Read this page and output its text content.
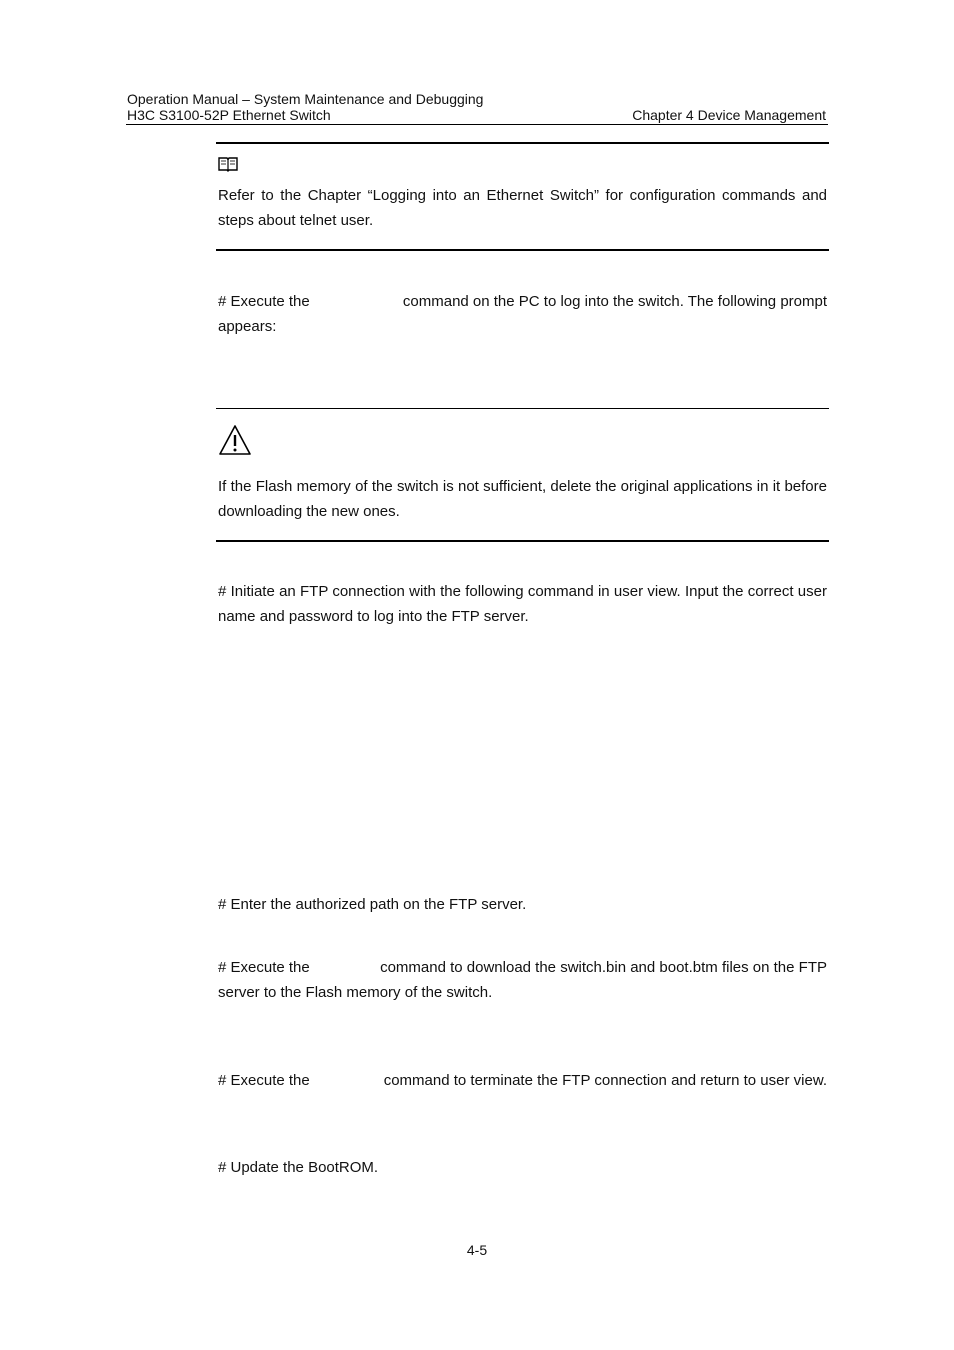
Operation Manual – System Maintenance and Debugging
H3C S3100-52P Ethernet Switch	Chapter 4 Device Management
Refer to the Chapter “Logging into an Ethernet Switch” for configuration commands and steps about telnet user.
# Execute the	command on the PC to log into the switch. The following prompt
appears:
If the Flash memory of the switch is not sufficient, delete the original applications in it before downloading the new ones.
# Initiate an FTP connection with the following command in user view. Input the correct user name and password to log into the FTP server.
# Enter the authorized path on the FTP server.
# Execute the	command to download the switch.bin and boot.btm files on the FTP
server to the Flash memory of the switch.
# Execute the	command to terminate the FTP connection and return to user view.
# Update the BootROM.
4-5
